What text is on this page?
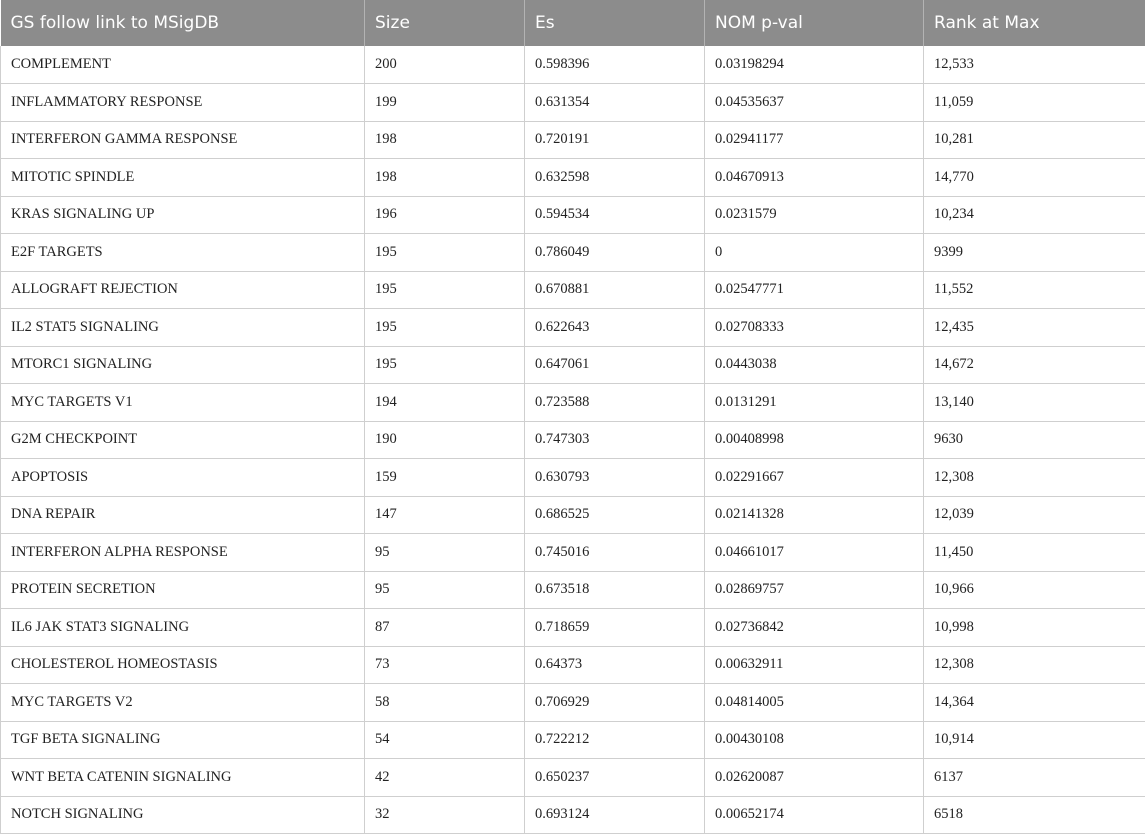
GS follow link to MSigDB	Size	Es	NOM p-val	Rank at Max
COMPLEMENT	200	0.598396	0.03198294	12,533
INFLAMMATORY RESPONSE	199	0.631354	0.04535637	11,059
INTERFERON GAMMA RESPONSE	198	0.720191	0.02941177	10,281
MITOTIC SPINDLE	198	0.632598	0.04670913	14,770
KRAS SIGNALING UP	196	0.594534	0.0231579	10,234
E2F TARGETS	195	0.786049	0	9399
ALLOGRAFT REJECTION	195	0.670881	0.02547771	11,552
IL2 STAT5 SIGNALING	195	0.622643	0.02708333	12,435
MTORC1 SIGNALING	195	0.647061	0.0443038	14,672
MYC TARGETS V1	194	0.723588	0.0131291	13,140
G2M CHECKPOINT	190	0.747303	0.00408998	9630
APOPTOSIS	159	0.630793	0.02291667	12,308
DNA REPAIR	147	0.686525	0.02141328	12,039
INTERFERON ALPHA RESPONSE	95	0.745016	0.04661017	11,450
PROTEIN SECRETION	95	0.673518	0.02869757	10,966
IL6 JAK STAT3 SIGNALING	87	0.718659	0.02736842	10,998
CHOLESTEROL HOMEOSTASIS	73	0.64373	0.00632911	12,308
MYC TARGETS V2	58	0.706929	0.04814005	14,364
TGF BETA SIGNALING	54	0.722212	0.00430108	10,914
WNT BETA CATENIN SIGNALING	42	0.650237	0.02620087	6137
NOTCH SIGNALING	32	0.693124	0.00652174	6518
